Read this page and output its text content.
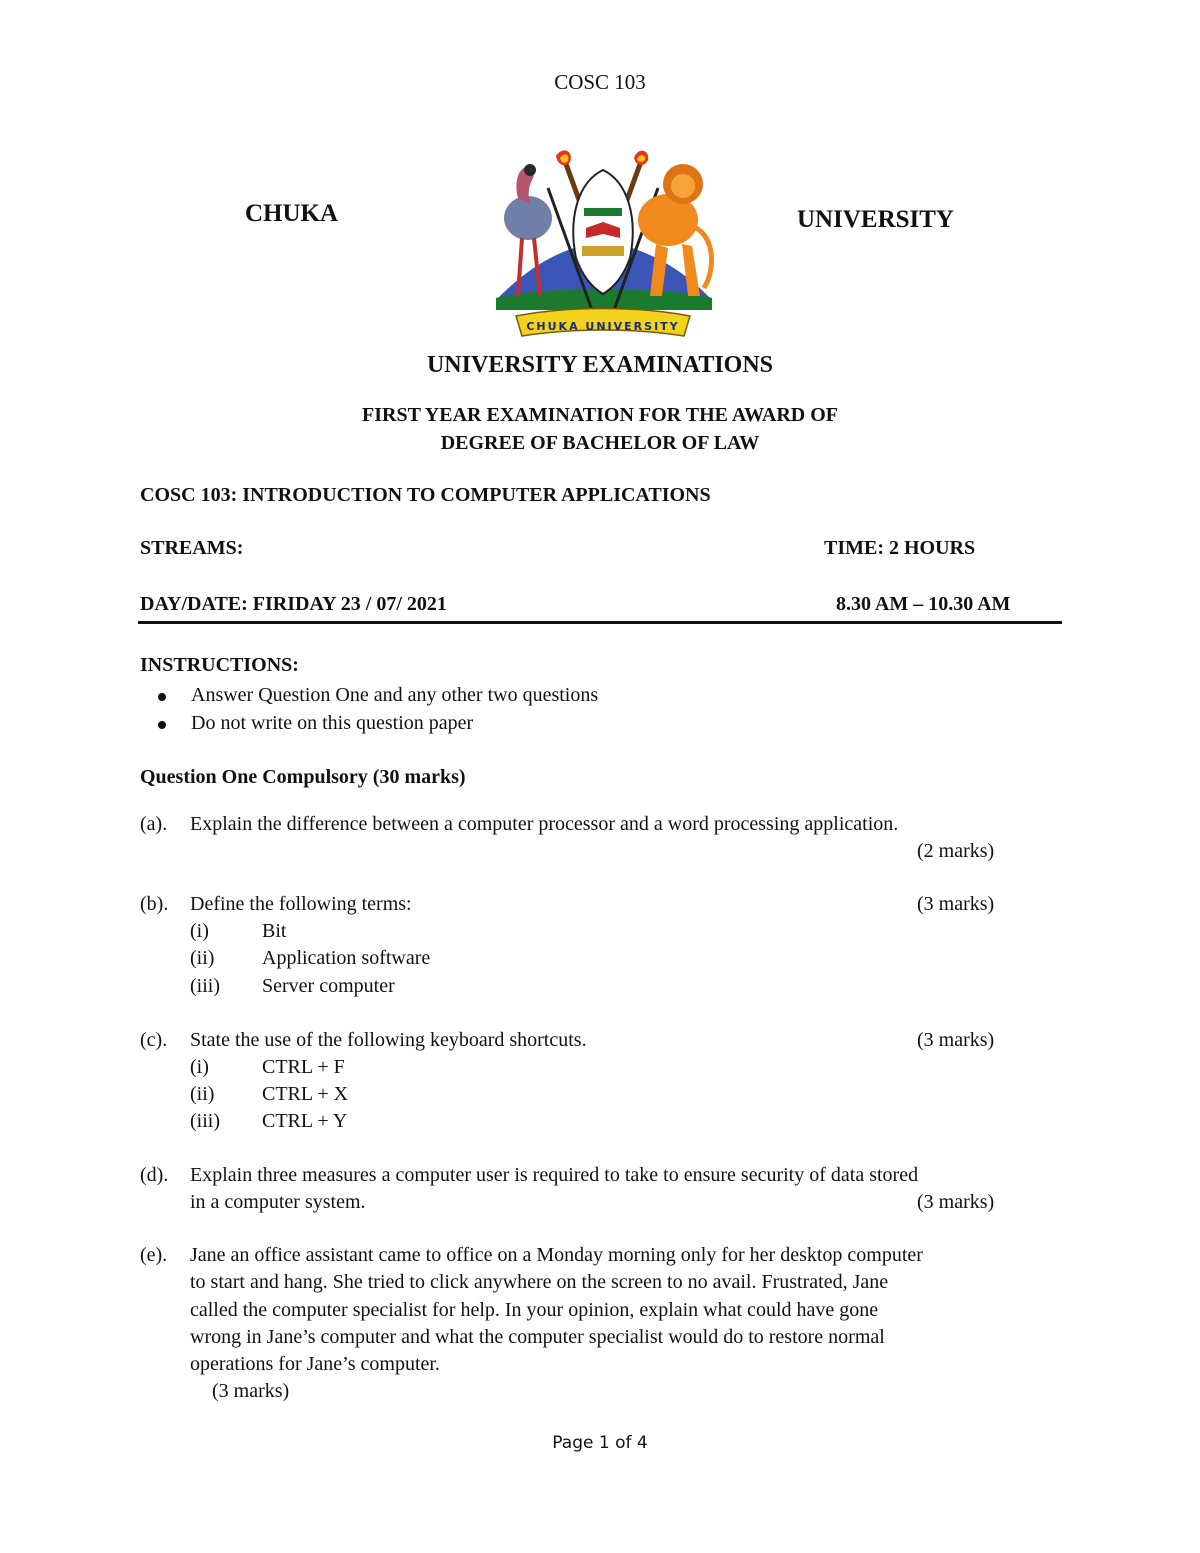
COSC 103
CHUKA	UNIVERSITY
CHUKA UNIVERSITY
UNIVERSITY EXAMINATIONS
FIRST YEAR EXAMINATION FOR THE AWARD OF
DEGREE OF BACHELOR OF LAW
COSC 103: INTRODUCTION TO COMPUTER APPLICATIONS
STREAMS:	TIME: 2 HOURS
DAY/DATE: FIRIDAY 23 / 07/ 2021	8.30 AM – 10.30 AM
INSTRUCTIONS:
Answer Question One and any other two questions
Do not write on this question paper
Question One Compulsory (30 marks)
(a). Explain the difference between a computer processor and a word processing application.
(2 marks)
(b). Define the following terms:	(3 marks)
(i)	Bit
(ii) Application software
(iii) Server computer
(c). State the use of the following keyboard shortcuts.	(3 marks)
(i)	CTRL + F
(ii) CTRL + X
(iii) CTRL + Y
(d). Explain three measures a computer user is required to take to ensure security of data stored
in a computer system.	(3 marks)
(e). Jane an office assistant came to office on a Monday morning only for her desktop computer
to start and hang. She tried to click anywhere on the screen to no avail. Frustrated, Jane
called the computer specialist for help. In your opinion, explain what could have gone
wrong in Jane’s computer and what the computer specialist would do to restore normal
operations for Jane’s computer.
(3 marks)
Page 1 of 4
